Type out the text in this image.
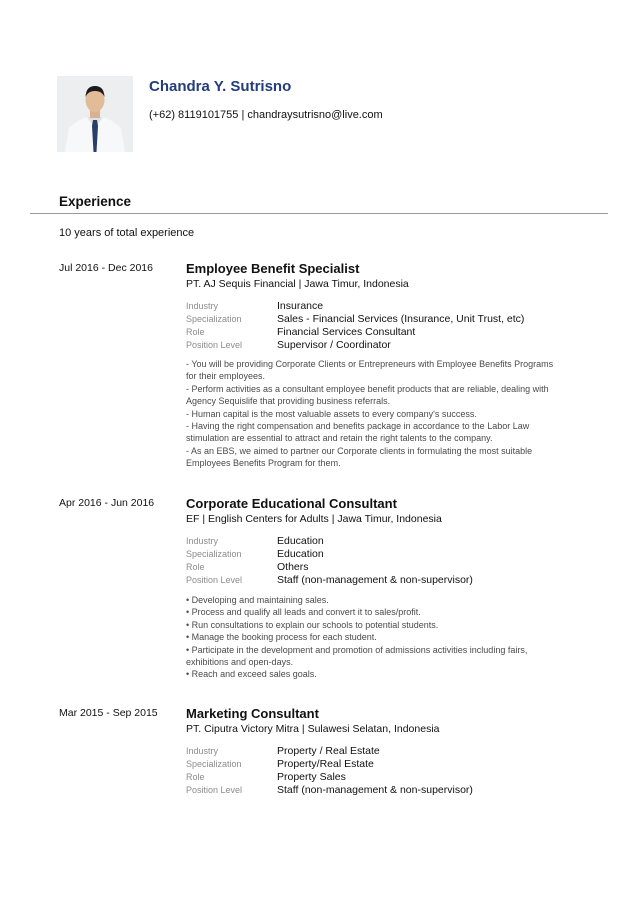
Chandra Y. Sutrisno
(+62) 8119101755 | chandraysutrisno@live.com
Experience
10 years of total experience
Jul 2016 - Dec 2016	Employee Benefit Specialist
PT. AJ Sequis Financial | Jawa Timur, Indonesia
Industry	Insurance
Specialization	Sales - Financial Services (Insurance, Unit Trust, etc)
Role	Financial Services Consultant
Position Level	Supervisor / Coordinator
- You will be providing Corporate Clients or Entrepreneurs with Employee Benefits Programs
for their employees.
- Perform activities as a consultant employee benefit products that are reliable, dealing with
Agency Sequislife that providing business referrals.
- Human capital is the most valuable assets to every company's success.
- Having the right compensation and benefits package in accordance to the Labor Law
stimulation are essential to attract and retain the right talents to the company.
- As an EBS, we aimed to partner our Corporate clients in formulating the most suitable
Employees Benefits Program for them.
Apr 2016 - Jun 2016 Corporate Educational Consultant
EF | English Centers for Adults | Jawa Timur, Indonesia
Industry	Education
Specialization	Education
Role	Others
Position Level	Staff (non-management & non-supervisor)
• Developing and maintaining sales.
• Process and qualify all leads and convert it to sales/profit.
• Run consultations to explain our schools to potential students.
• Manage the booking process for each student.
• Participate in the development and promotion of admissions activities including fairs,
exhibitions and open-days.
• Reach and exceed sales goals.
Mar 2015 - Sep 2015 Marketing Consultant
PT. Ciputra Victory Mitra | Sulawesi Selatan, Indonesia
Industry	Property / Real Estate
Specialization	Property/Real Estate
Role	Property Sales
Position Level	Staff (non-management & non-supervisor)
